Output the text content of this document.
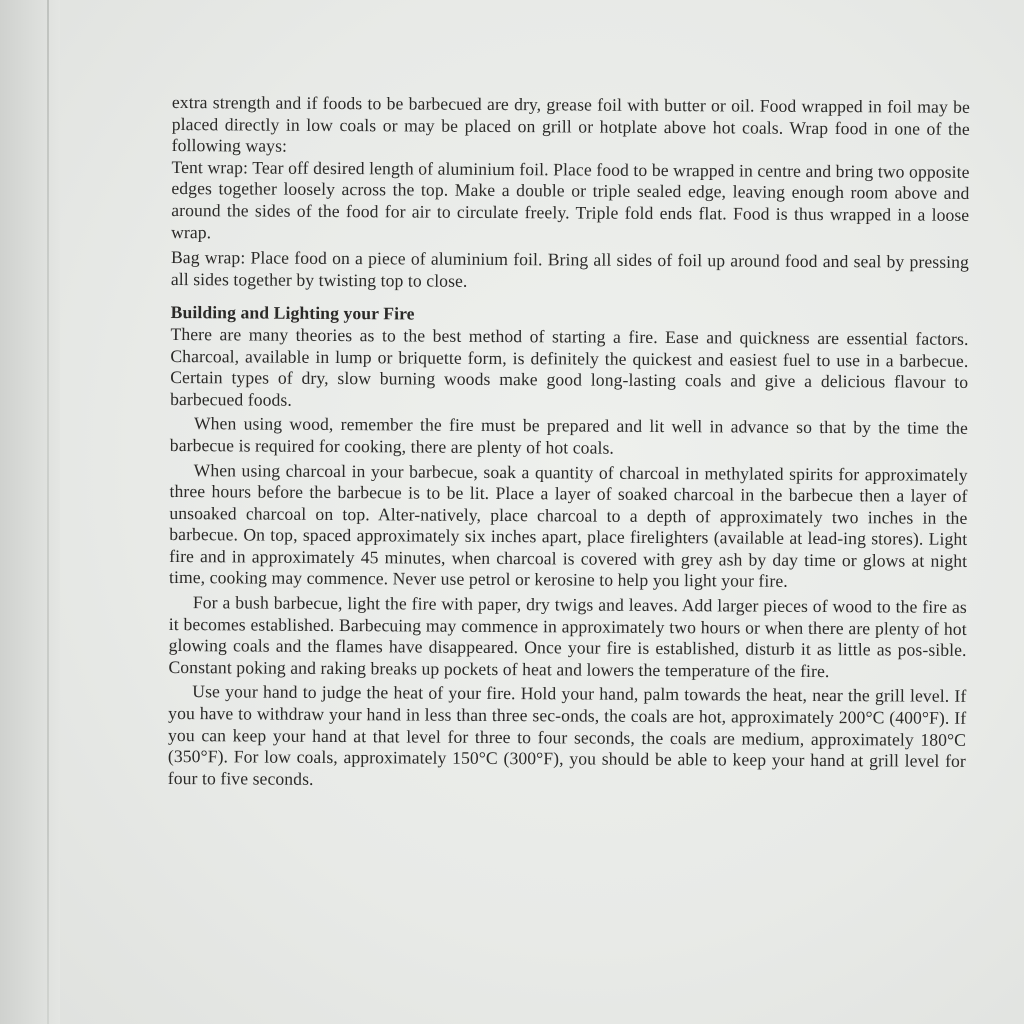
extra strength and if foods to be barbecued are dry, grease foil with butter or oil. Food wrapped in foil may be placed directly in low coals or may be placed on grill or hotplate above hot coals. Wrap food in one of the following ways:

Tent wrap: Tear off desired length of aluminium foil. Place food to be wrapped in centre and bring two opposite edges together loosely across the top. Make a double or triple sealed edge, leaving enough room above and around the sides of the food for air to circulate freely. Triple fold ends flat. Food is thus wrapped in a loose wrap.

Bag wrap: Place food on a piece of aluminium foil. Bring all sides of foil up around food and seal by pressing all sides together by twisting top to close.

Building and Lighting your Fire

There are many theories as to the best method of starting a fire. Ease and quickness are essential factors. Charcoal, available in lump or briquette form, is definitely the quickest and easiest fuel to use in a barbecue. Certain types of dry, slow burning woods make good long-lasting coals and give a delicious flavour to barbecued foods.

When using wood, remember the fire must be prepared and lit well in advance so that by the time the barbecue is required for cooking, there are plenty of hot coals.

When using charcoal in your barbecue, soak a quantity of charcoal in methylated spirits for approximately three hours before the barbecue is to be lit. Place a layer of soaked charcoal in the barbecue then a layer of unsoaked charcoal on top. Alter-natively, place charcoal to a depth of approximately two inches in the barbecue. On top, spaced approximately six inches apart, place firelighters (available at lead-ing stores). Light fire and in approximately 45 minutes, when charcoal is covered with grey ash by day time or glows at night time, cooking may commence. Never use petrol or kerosine to help you light your fire.

For a bush barbecue, light the fire with paper, dry twigs and leaves. Add larger pieces of wood to the fire as it becomes established. Barbecuing may commence in approximately two hours or when there are plenty of hot glowing coals and the flames have disappeared. Once your fire is established, disturb it as little as pos-sible. Constant poking and raking breaks up pockets of heat and lowers the temperature of the fire.

Use your hand to judge the heat of your fire. Hold your hand, palm towards the heat, near the grill level. If you have to withdraw your hand in less than three sec-onds, the coals are hot, approximately 200°C (400°F). If you can keep your hand at that level for three to four seconds, the coals are medium, approximately 180°C (350°F). For low coals, approximately 150°C (300°F), you should be able to keep your hand at grill level for four to five seconds.
